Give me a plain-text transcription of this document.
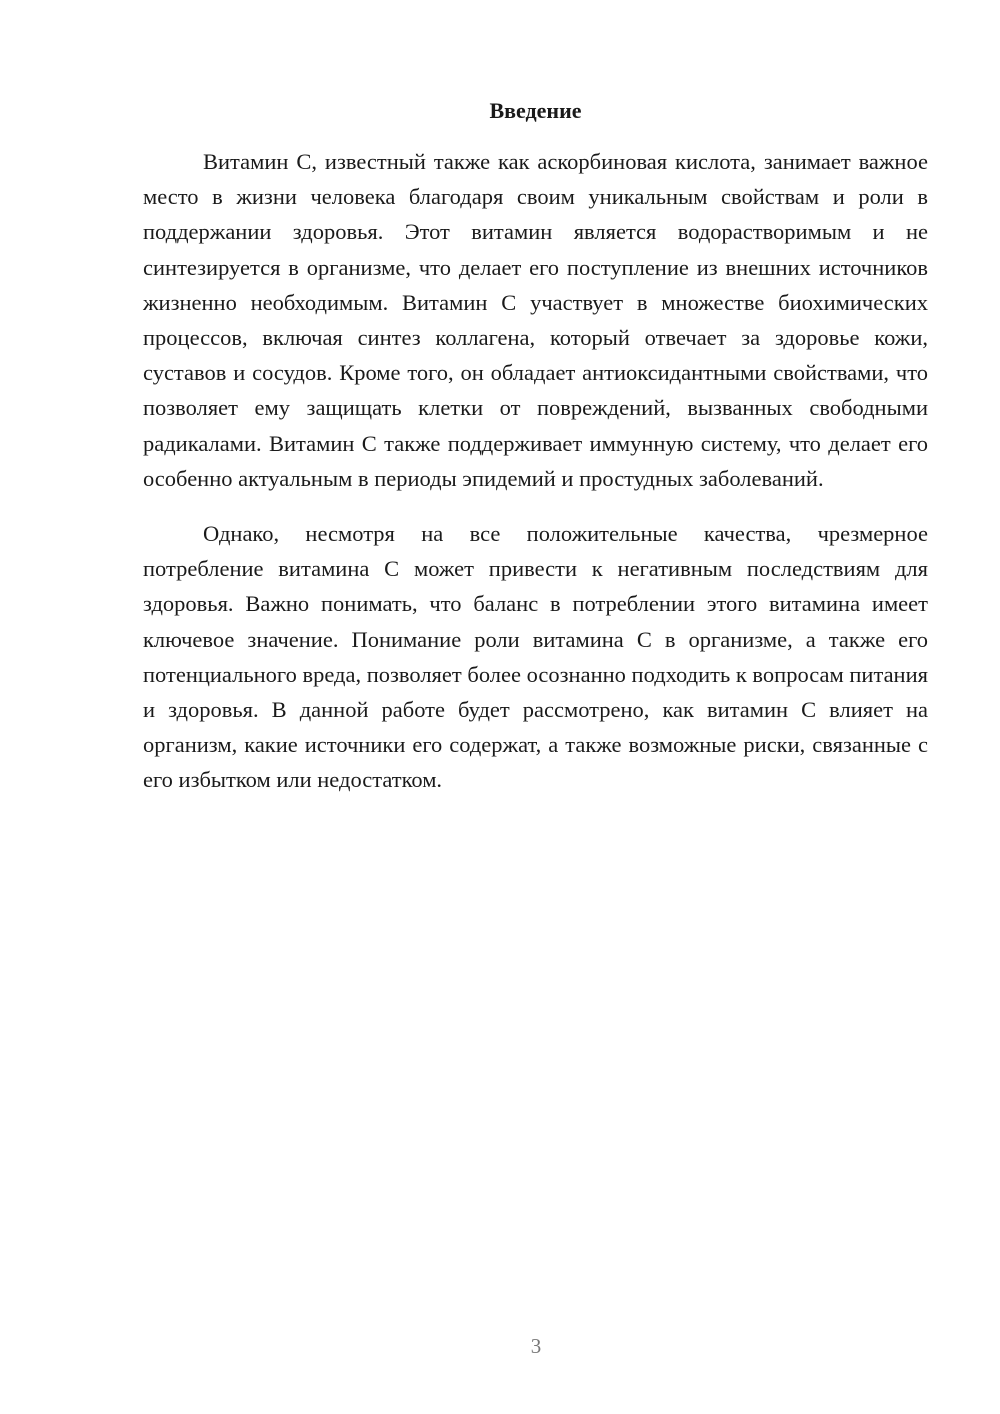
Введение

Витамин С, известный также как аскорбиновая кислота, занимает важное место в жизни человека благодаря своим уникальным свойствам и роли в поддержании здоровья. Этот витамин является водорастворимым и не синтезируется в организме, что делает его поступление из внешних источников жизненно необходимым. Витамин С участвует в множестве биохимических процессов, включая синтез коллагена, который отвечает за здоровье кожи, суставов и сосудов. Кроме того, он обладает антиоксидантными свойствами, что позволяет ему защищать клетки от повреждений, вызванных свободными радикалами. Витамин С также поддерживает иммунную систему, что делает его особенно актуальным в периоды эпидемий и простудных заболеваний.

Однако, несмотря на все положительные качества, чрезмерное потребление витамина С может привести к негативным последствиям для здоровья. Важно понимать, что баланс в потреблении этого витамина имеет ключевое значение. Понимание роли витамина С в организме, а также его потенциального вреда, позволяет более осознанно подходить к вопросам питания и здоровья. В данной работе будет рассмотрено, как витамин С влияет на организм, какие источники его содержат, а также возможные риски, связанные с его избытком или недостатком.

3
